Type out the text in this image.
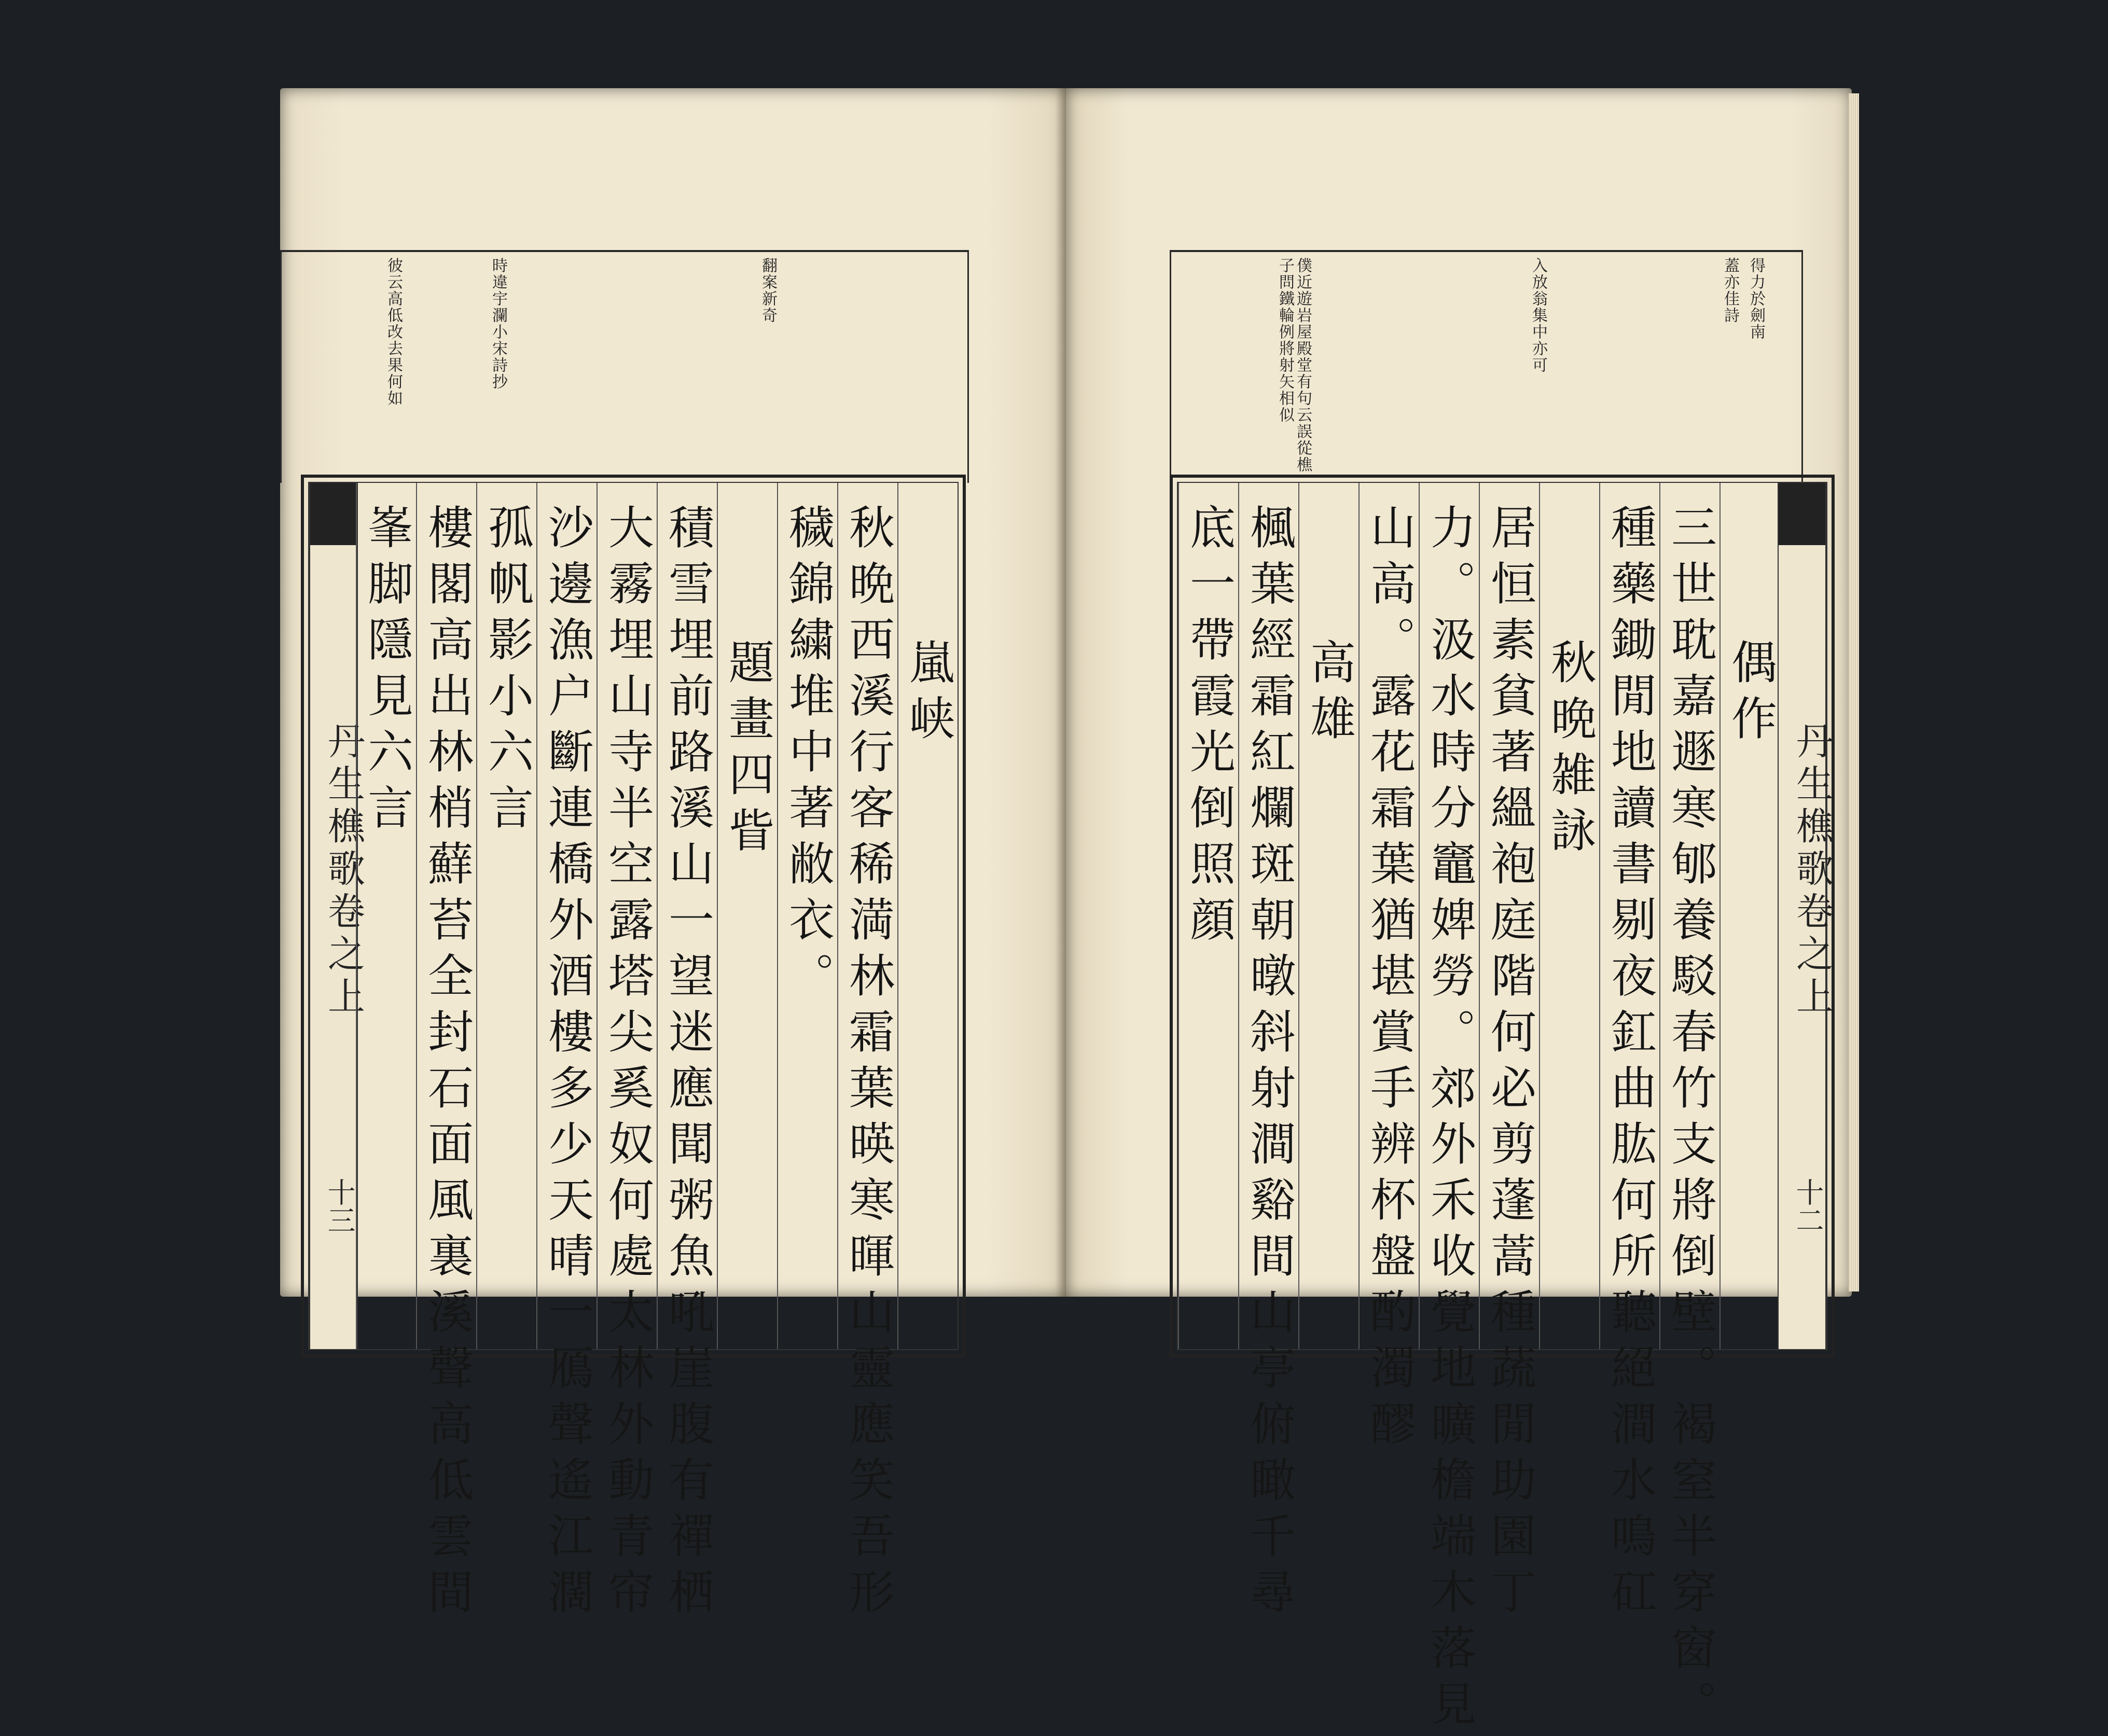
翻案新奇
時違宇瀾小宋詩抄
彼云高低改去果何如
丹生樵歌卷之上
十三
嵐峡
秋晩西溪行客稀満林霜葉暎寒暉山靈應笑吾形
穢錦繍堆中著敝衣。
題畫四眥
積雪埋前路溪山一望迷應聞粥魚吼崖腹有禪栖
大霧埋山寺半空露塔尖奚奴何處太林外動青帘
沙邊漁户斷連橋外酒樓多少天晴一鴈聲遙江濶
孤帆影小六言
樓閣高出林梢蘚苔全封石面風裏溪聲高低雲間
峯脚隱見六言
得力於劍南
蓋亦佳詩
入放翁集中亦可
僕近遊岩屋殿堂有句云誤從樵子問鐵輪例將射矢相似
丹生樵歌卷之上
十二
偶作
三世耽嘉遯寒郇養駁春竹支將倒壁。褐窒半穿窗。
種藥鋤閒地讀書剔夜釭曲肱何所聽絕澗水鳴矼
秋晩雑詠
居恒素貧著縕袍庭階何必剪蓬蒿種蔬閒助園丁
力。汲水時分竈婢勞。郊外禾收覺地曠檐端木落見
山高。露花霜葉猶堪賞手辨杯盤酌濁醪
高雄
楓葉經霜紅爛斑朝暾斜射澗谿間山亭俯瞰千尋
底一帶霞光倒照顔
